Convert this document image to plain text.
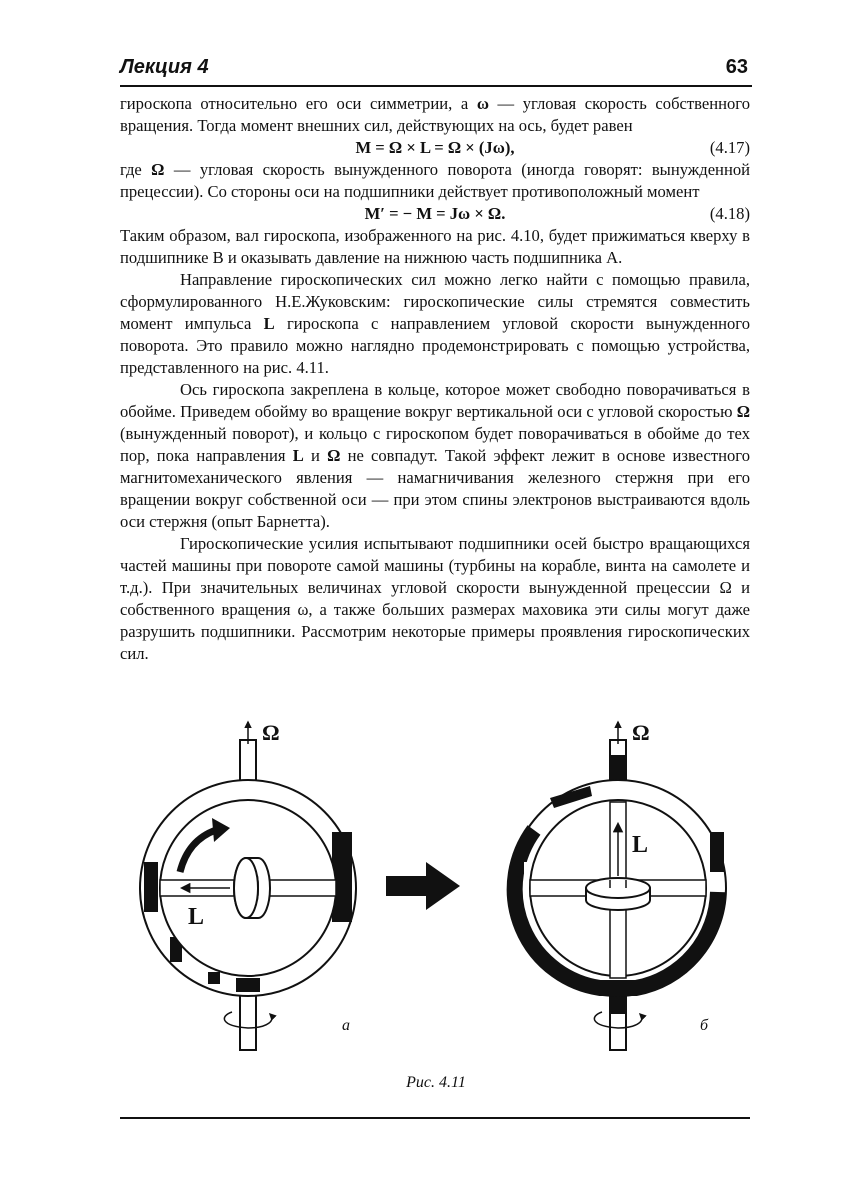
Лекция 4	63

гироскопа относительно его оси симметрии, а ω — угловая скорость собственного вращения. Тогда момент внешних сил, действующих на ось, будет равен

M = Ω × L = Ω × (Jω),	(4.17)

где Ω — угловая скорость вынужденного поворота (иногда говорят: вынужденной прецессии). Со стороны оси на подшипники действует противоположный момент

M′ = − M = Jω × Ω.	(4.18)

Таким образом, вал гироскопа, изображенного на рис. 4.10, будет прижиматься кверху в подшипнике В и оказывать давление на нижнюю часть подшипника А.

Направление гироскопических сил можно легко найти с помощью правила, сформулированного Н.Е.Жуковским: гироскопические силы стремятся совместить момент импульса L гироскопа с направлением угловой скорости вынужденного поворота. Это правило можно наглядно продемонстрировать с помощью устройства, представленного на рис. 4.11.

Ось гироскопа закреплена в кольце, которое может свободно поворачиваться в обойме. Приведем обойму во вращение вокруг вертикальной оси с угловой скоростью Ω (вынужденный поворот), и кольцо с гироскопом будет поворачиваться в обойме до тех пор, пока направления L и Ω не совпадут. Такой эффект лежит в основе известного магнитомеханического явления — намагничивания железного стержня при его вращении вокруг собственной оси — при этом спины электронов выстраиваются вдоль оси стержня (опыт Барнетта).

Гироскопические усилия испытывают подшипники осей быстро вращающихся частей машины при повороте самой машины (турбины на корабле, винта на самолете и т.д.). При значительных величинах угловой скорости вынужденной прецессии Ω и собственного вращения ω, а также больших размерах маховика эти силы могут даже разрушить подшипники. Рассмотрим некоторые примеры проявления гироскопических сил.

Ω
L
а
Ω
L
б
Рис. 4.11
